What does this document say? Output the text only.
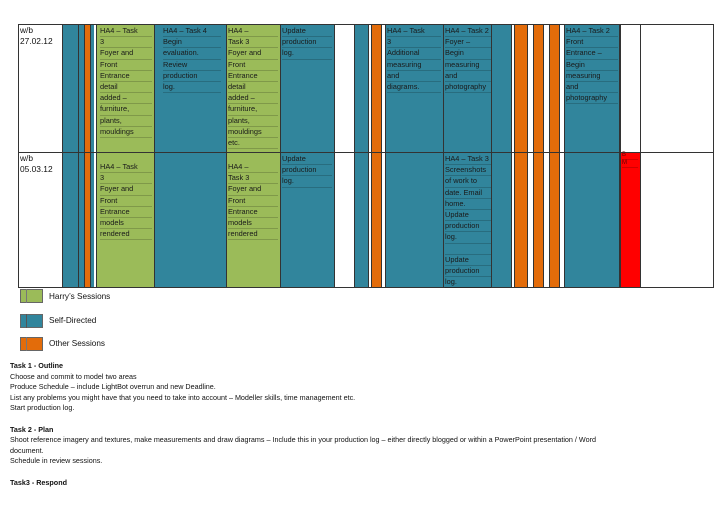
w/b
27.02.12
w/b
05.03.12
HA4 – Task
3
Foyer and
Front
Entrance
detail
added –
furniture,
plants,
mouldings
HA4 – Task 4
Begin
evaluation.
Review
production
log.
HA4 –
Task 3
Foyer and
Front
Entrance
detail
added –
furniture,
plants,
mouldings
etc.
Update
production
log.
HA4 – Task
3
Additional
measuring
and
diagrams.
HA4 – Task 2
Foyer –
Begin
measuring
and
photography
HA4 – Task 2
Front
Entrance –
Begin
measuring
and
photography
HA4 – Task
3
Foyer and
Front
Entrance
models
rendered
HA4 –
Task 3
Foyer and
Front
Entrance
models
rendered
Update
production
log.
HA4 – Task 3
Screenshots
of work to
date. Email
home.
Update
production
log.

Update
production
log.
B
M
Harry’s Sessions
Self-Directed
Other Sessions

Task 1 - Outline

Choose and commit to model two areas

Produce Schedule – include LightBot overrun and new Deadline.

List any problems you might have that you need to take into account – Modeller skills, time management etc.

Start production log.

Task 2 - Plan

Shoot reference imagery and textures, make measurements and draw diagrams – Include this in your production log – either directly blogged or within a PowerPoint presentation / Word

document.

Schedule in review sessions.

Task3 - Respond
